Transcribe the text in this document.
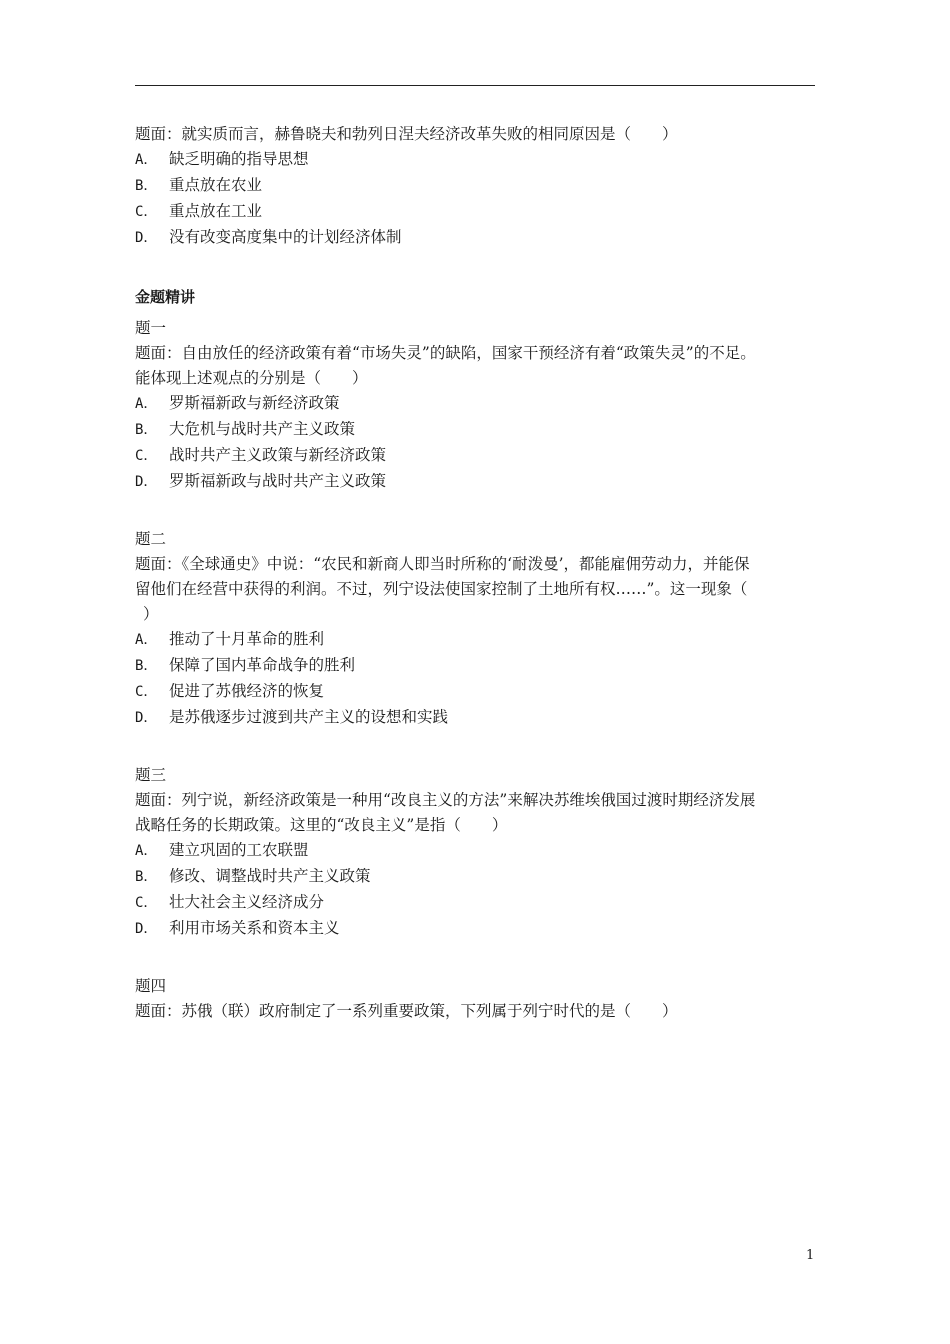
题面：就实质而言，赫鲁晓夫和勃列日涅夫经济改革失败的相同原因是（　　）
A． 缺乏明确的指导思想
B． 重点放在农业
C． 重点放在工业
D． 没有改变高度集中的计划经济体制
金题精讲
题一
题面：自由放任的经济政策有着“市场失灵”的缺陷，国家干预经济有着“政策失灵”的不足。
能体现上述观点的分别是（　　）
A． 罗斯福新政与新经济政策
B． 大危机与战时共产主义政策
C． 战时共产主义政策与新经济政策
D． 罗斯福新政与战时共产主义政策
题二
题面：《全球通史》中说：“农民和新商人即当时所称的‘耐泼曼’，都能雇佣劳动力，并能保
留他们在经营中获得的利润。不过，列宁设法使国家控制了土地所有权……”。这一现象（
）
A． 推动了十月革命的胜利
B． 保障了国内革命战争的胜利
C． 促进了苏俄经济的恢复
D． 是苏俄逐步过渡到共产主义的设想和实践
题三
题面：列宁说，新经济政策是一种用“改良主义的方法”来解决苏维埃俄国过渡时期经济发展
战略任务的长期政策。这里的“改良主义”是指（　　）
A． 建立巩固的工农联盟
B． 修改、调整战时共产主义政策
C． 壮大社会主义经济成分
D． 利用市场关系和资本主义
题四
题面：苏俄（联）政府制定了一系列重要政策，下列属于列宁时代的是（　　）
1
